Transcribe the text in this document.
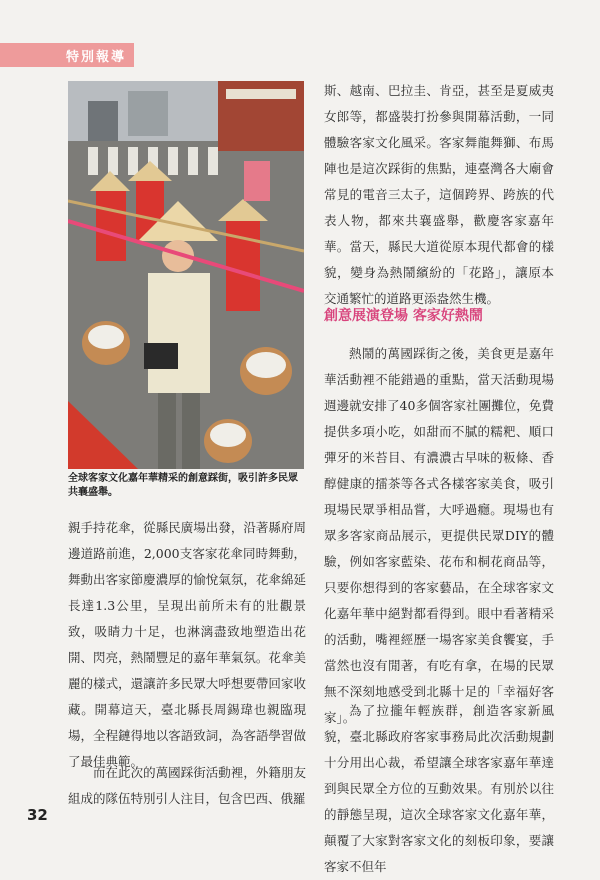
特別報導
全球客家文化嘉年華精采的創意踩街，吸引許多民眾共襄盛舉。

親手持花傘，從縣民廣場出發，沿著縣府周邊道路前進，2,000支客家花傘同時舞動，舞動出客家節慶濃厚的愉悅氣氛，花傘綿延長達1.3公里，呈現出前所未有的壯觀景致，吸睛力十足，也淋漓盡致地塑造出花開、閃亮，熱鬧豐足的嘉年華氣氛。花傘美麗的樣式，還讓許多民眾大呼想要帶回家收藏。開幕這天，臺北縣長周錫瑋也親臨現場，全程鏈得地以客語致詞，為客語學習做了最佳典範。

而在此次的萬國踩街活動裡，外籍朋友組成的隊伍特別引人注目，包含巴西、俄羅

斯、越南、巴拉圭、肯亞，甚至是夏威夷女郎等，都盛裝打扮參與開幕活動，一同體驗客家文化風采。客家舞龍舞獅、布馬陣也是這次踩街的焦點，連臺灣各大廟會常見的電音三太子，這個跨界、跨族的代表人物，都來共襄盛舉，歡慶客家嘉年華。當天，縣民大道從原本現代都會的樣貌，變身為熱鬧繽紛的「花路」，讓原本交通繁忙的道路更添盎然生機。

創意展演登場 客家好熱鬧

熱鬧的萬國踩街之後，美食更是嘉年華活動裡不能錯過的重點，當天活動現場週邊就安排了40多個客家社團攤位，免費提供多項小吃，如甜而不膩的糯粑、順口彈牙的米苔目、有濃濃古早味的粄條、香醇健康的擂茶等各式各樣客家美食，吸引現場民眾爭相品嘗，大呼過癮。現場也有眾多客家商品展示，更提供民眾DIY的體驗，例如客家藍染、花布和桐花商品等，只要你想得到的客家藝品，在全球客家文化嘉年華中絕對都看得到。眼中看著精采的活動，嘴裡經歷一場客家美食饗宴，手當然也沒有閒著，有吃有拿，在場的民眾無不深刻地感受到北縣十足的「幸福好客家」。

為了拉攏年輕族群，創造客家新風貌，臺北縣政府客家事務局此次活動規劃十分用出心裁，希望讓全球客家嘉年華達到與民眾全方位的互動效果。有別於以往的靜態呈現，這次全球客家文化嘉年華，顛覆了大家對客家文化的刻板印象，要讓客家不但年

32
